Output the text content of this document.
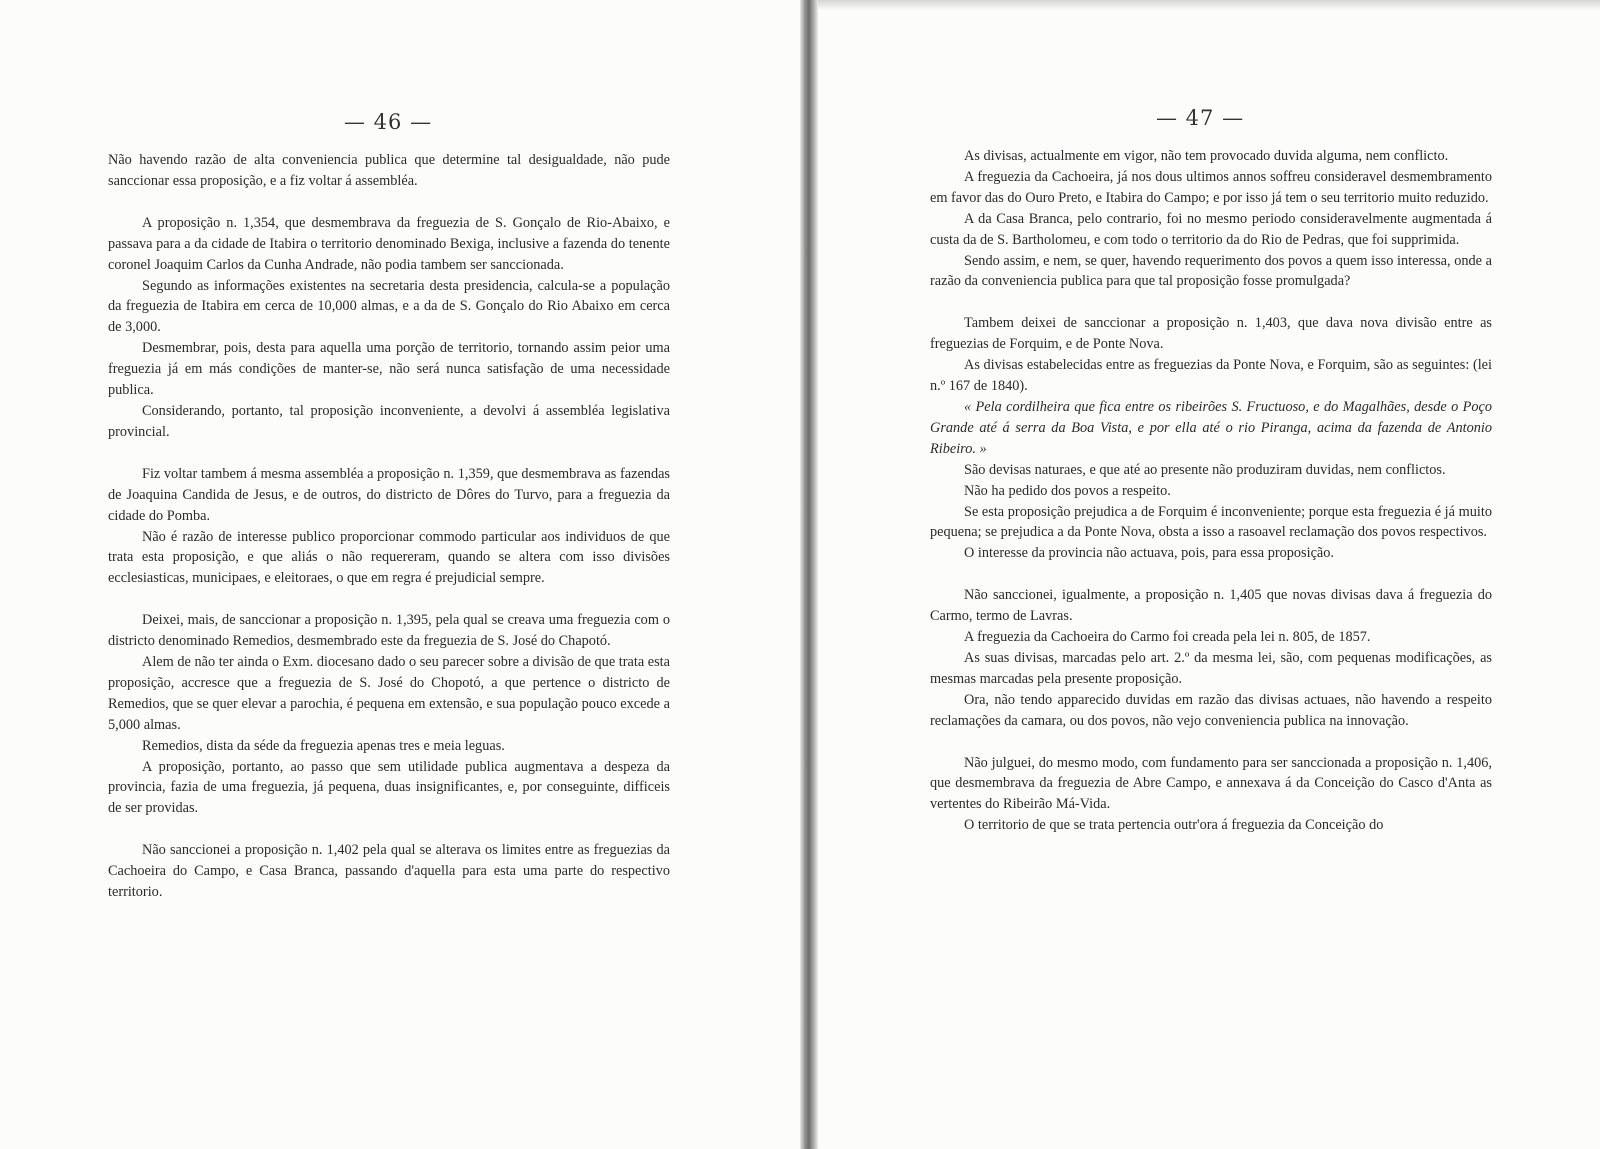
— 46 —

Não havendo razão de alta conveniencia publica que determine tal desigualdade, não pude sanccionar essa proposição, e a fiz voltar á assembléa.

A proposição n. 1,354, que desmembrava da freguezia de S. Gonçalo de Rio-Abaixo, e passava para a da cidade de Itabira o territorio denominado Bexiga, inclusive a fazenda do tenente coronel Joaquim Carlos da Cunha Andrade, não podia tambem ser sanccionada.

Segundo as informações existentes na secretaria desta presidencia, calcula-se a população da freguezia de Itabira em cerca de 10,000 almas, e a da de S. Gonçalo do Rio Abaixo em cerca de 3,000.

Desmembrar, pois, desta para aquella uma porção de territorio, tornando assim peior uma freguezia já em más condições de manter-se, não será nunca satisfação de uma necessidade publica.

Considerando, portanto, tal proposição inconveniente, a devolvi á assembléa legislativa provincial.

Fiz voltar tambem á mesma assembléa a proposição n. 1,359, que desmembrava as fazendas de Joaquina Candida de Jesus, e de outros, do districto de Dôres do Turvo, para a freguezia da cidade do Pomba.

Não é razão de interesse publico proporcionar commodo particular aos individuos de que trata esta proposição, e que aliás o não requereram, quando se altera com isso divisões ecclesiasticas, municipaes, e eleitoraes, o que em regra é prejudicial sempre.

Deixei, mais, de sanccionar a proposição n. 1,395, pela qual se creava uma freguezia com o districto denominado Remedios, desmembrado este da freguezia de S. José do Chapotó.

Alem de não ter ainda o Exm. diocesano dado o seu parecer sobre a divisão de que trata esta proposição, accresce que a freguezia de S. José do Chopotó, a que pertence o districto de Remedios, que se quer elevar a parochia, é pequena em extensão, e sua população pouco excede a 5,000 almas.

Remedios, dista da séde da freguezia apenas tres e meia leguas.

A proposição, portanto, ao passo que sem utilidade publica augmentava a despeza da provincia, fazia de uma freguezia, já pequena, duas insignificantes, e, por conseguinte, difficeis de ser providas.

Não sanccionei a proposição n. 1,402 pela qual se alterava os limites entre as freguezias da Cachoeira do Campo, e Casa Branca, passando d'aquella para esta uma parte do respectivo territorio.

— 47 —

As divisas, actualmente em vigor, não tem provocado duvida alguma, nem conflicto.

A freguezia da Cachoeira, já nos dous ultimos annos soffreu consideravel desmembramento em favor das do Ouro Preto, e Itabira do Campo; e por isso já tem o seu territorio muito reduzido.

A da Casa Branca, pelo contrario, foi no mesmo periodo consideravelmente augmentada á custa da de S. Bartholomeu, e com todo o territorio da do Rio de Pedras, que foi supprimida.

Sendo assim, e nem, se quer, havendo requerimento dos povos a quem isso interessa, onde a razão da conveniencia publica para que tal proposição fosse promulgada?

Tambem deixei de sanccionar a proposição n. 1,403, que dava nova divisão entre as freguezias de Forquim, e de Ponte Nova.

As divisas estabelecidas entre as freguezias da Ponte Nova, e Forquim, são as seguintes: (lei n.º 167 de 1840).

« Pela cordilheira que fica entre os ribeirões S. Fructuoso, e do Magalhães, desde o Poço Grande até á serra da Boa Vista, e por ella até o rio Piranga, acima da fazenda de Antonio Ribeiro. »

São devisas naturaes, e que até ao presente não produziram duvidas, nem conflictos.

Não ha pedido dos povos a respeito.

Se esta proposição prejudica a de Forquim é inconveniente; porque esta freguezia é já muito pequena; se prejudica a da Ponte Nova, obsta a isso a rasoavel reclamação dos povos respectivos.

O interesse da provincia não actuava, pois, para essa proposição.

Não sanccionei, igualmente, a proposição n. 1,405 que novas divisas dava á freguezia do Carmo, termo de Lavras.

A freguezia da Cachoeira do Carmo foi creada pela lei n. 805, de 1857.

As suas divisas, marcadas pelo art. 2.º da mesma lei, são, com pequenas modificações, as mesmas marcadas pela presente proposição.

Ora, não tendo apparecido duvidas em razão das divisas actuaes, não havendo a respeito reclamações da camara, ou dos povos, não vejo conveniencia publica na innovação.

Não julguei, do mesmo modo, com fundamento para ser sanccionada a proposição n. 1,406, que desmembrava da freguezia de Abre Campo, e annexava á da Conceição do Casco d'Anta as vertentes do Ribeirão Má-Vida.

O territorio de que se trata pertencia outr'ora á freguezia da Conceição do
